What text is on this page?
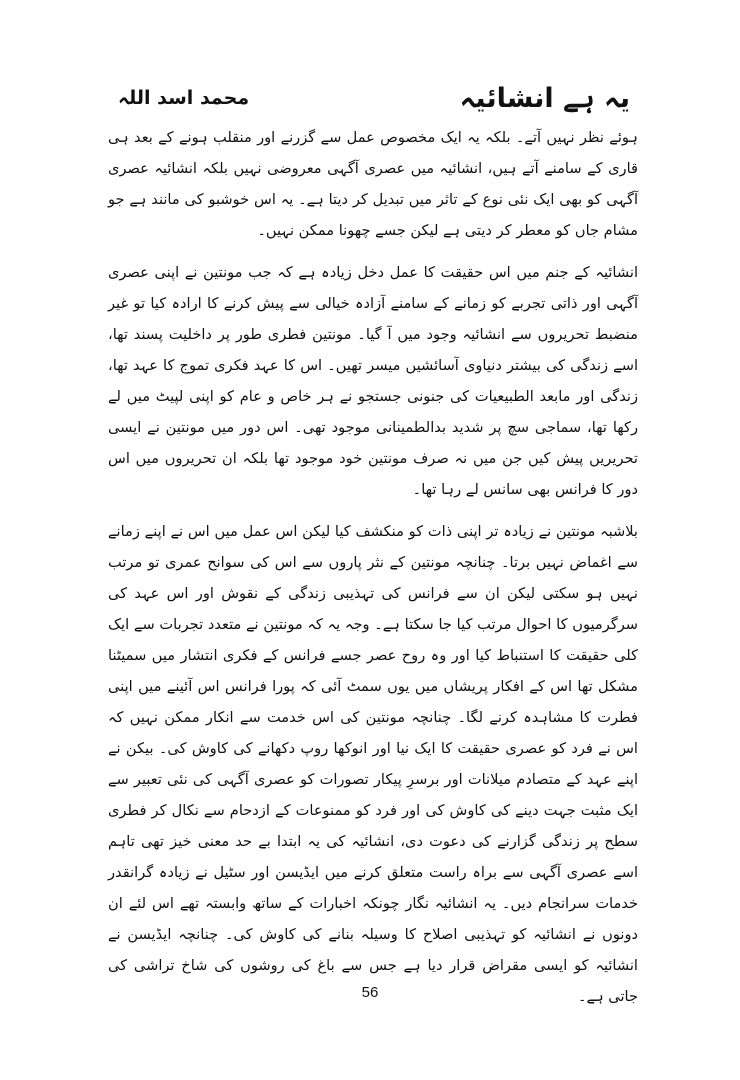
یہ ہے انشائیہ
محمد اسد اللہ

ہوئے نظر نہیں آتے۔ بلکہ یہ ایک مخصوص عمل سے گزرنے اور منقلب ہونے کے بعد ہی قاری کے سامنے آتے ہیں، انشائیہ میں عصری آگہی معروضی نہیں بلکہ انشائیہ عصری آگہی کو بھی ایک نئی نوع کے تاثر میں تبدیل کر دیتا ہے۔ یہ اس خوشبو کی مانند ہے جو مشام جاں کو معطر کر دیتی ہے لیکن جسے چھونا ممکن نہیں۔

انشائیہ کے جنم میں اس حقیقت کا عمل دخل زیادہ ہے کہ جب مونتین نے اپنی عصری آگہی اور ذاتی تجربے کو زمانے کے سامنے آزادہ خیالی سے پیش کرنے کا ارادہ کیا تو غیر منضبط تحریروں سے انشائیہ وجود میں آ گیا۔ مونتین فطری طور پر داخلیت پسند تھا، اسے زندگی کی بیشتر دنیاوی آسائشیں میسر تھیں۔ اس کا عہد فکری تموج کا عہد تھا، زندگی اور مابعد الطبیعیات کی جنونی جستجو نے ہر خاص و عام کو اپنی لپیٹ میں لے رکھا تھا، سماجی سچ پر شدید بدالطمینانی موجود تھی۔ اس دور میں مونتین نے ایسی تحریریں پیش کیں جن میں نہ صرف مونتین خود موجود تھا بلکہ ان تحریروں میں اس دور کا فرانس بھی سانس لے رہا تھا۔

بلاشبہ مونتین نے زیادہ تر اپنی ذات کو منکشف کیا لیکن اس عمل میں اس نے اپنے زمانے سے اغماض نہیں برتا۔ چنانچہ مونتین کے نثر پاروں سے اس کی سوانح عمری تو مرتب نہیں ہو سکتی لیکن ان سے فرانس کی تہذیبی زندگی کے نقوش اور اس عہد کی سرگرمیوں کا احوال مرتب کیا جا سکتا ہے۔ وجہ یہ کہ مونتین نے متعدد تجربات سے ایک کلی حقیقت کا استنباط کیا اور وہ روح عصر جسے فرانس کے فکری انتشار میں سمیٹنا مشکل تھا اس کے افکار پریشاں میں یوں سمٹ آئی کہ پورا فرانس اس آئینے میں اپنی فطرت کا مشاہدہ کرنے لگا۔ چنانچہ مونتین کی اس خدمت سے انکار ممکن نہیں کہ اس نے فرد کو عصری حقیقت کا ایک نیا اور انوکھا روپ دکھانے کی کاوش کی۔ بیکن نے اپنے عہد کے متصادم میلانات اور برسرِ پیکار تصورات کو عصری آگہی کی نئی تعبیر سے ایک مثبت جہت دینے کی کاوش کی اور فرد کو ممنوعات کے ازدحام سے نکال کر فطری سطح پر زندگی گزارنے کی دعوت دی، انشائیہ کی یہ ابتدا بے حد معنی خیز تھی تاہم اسے عصری آگہی سے براہ راست متعلق کرنے میں ایڈیسن اور سٹیل نے زیادہ گرانقدر خدمات سرانجام دیں۔ یہ انشائیہ نگار چونکہ اخبارات کے ساتھ وابستہ تھے اس لئے ان دونوں نے انشائیہ کو تہذیبی اصلاح کا وسیلہ بنانے کی کاوش کی۔ چنانچہ ایڈیسن نے انشائیہ کو ایسی مقراض قرار دیا ہے جس سے باغ کی روشوں کی شاخ تراشی کی جاتی ہے۔

56
